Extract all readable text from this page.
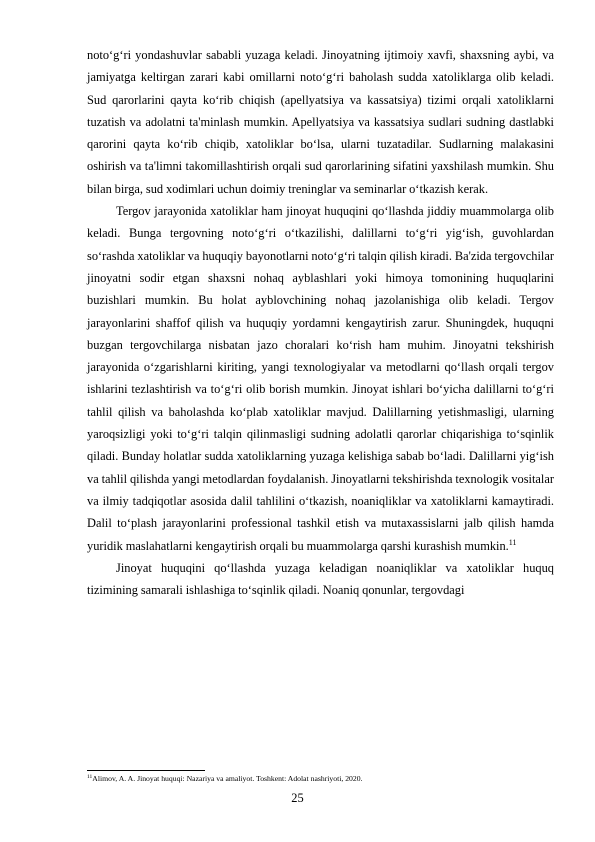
noto‘g‘ri yondashuvlar sababli yuzaga keladi. Jinoyatning ijtimoiy xavfi, shaxsning aybi, va jamiyatga keltirgan zarari kabi omillarni noto‘g‘ri baholash sudda xatoliklarga olib keladi. Sud qarorlarini qayta ko‘rib chiqish (apellyatsiya va kassatsiya) tizimi orqali xatoliklarni tuzatish va adolatni ta'minlash mumkin. Apellyatsiya va kassatsiya sudlari sudning dastlabki qarorini qayta ko‘rib chiqib, xatoliklar bo‘lsa, ularni tuzatadilar. Sudlarning malakasini oshirish va ta'limni takomillashtirish orqali sud qarorlarining sifatini yaxshilash mumkin. Shu bilan birga, sud xodimlari uchun doimiy treninglar va seminarlar o‘tkazish kerak.

Tergov jarayonida xatoliklar ham jinoyat huquqini qo‘llashda jiddiy muammolarga olib keladi. Bunga tergovning noto‘g‘ri o‘tkazilishi, dalillarni to‘g‘ri yig‘ish, guvohlardan so‘rashda xatoliklar va huquqiy bayonotlarni noto‘g‘ri talqin qilish kiradi. Ba'zida tergovchilar jinoyatni sodir etgan shaxsni nohaq ayblashlari yoki himoya tomonining huquqlarini buzishlari mumkin. Bu holat ayblovchining nohaq jazolanishiga olib keladi. Tergov jarayonlarini shaffof qilish va huquqiy yordamni kengaytirish zarur. Shuningdek, huquqni buzgan tergovchilarga nisbatan jazo choralari ko‘rish ham muhim. Jinoyatni tekshirish jarayonida o‘zgarishlarni kiriting, yangi texnologiyalar va metodlarni qo‘llash orqali tergov ishlarini tezlashtirish va to‘g‘ri olib borish mumkin. Jinoyat ishlari bo‘yicha dalillarni to‘g‘ri tahlil qilish va baholashda ko‘plab xatoliklar mavjud. Dalillarning yetishmasligi, ularning yaroqsizligi yoki to‘g‘ri talqin qilinmasligi sudning adolatli qarorlar chiqarishiga to‘sqinlik qiladi. Bunday holatlar sudda xatoliklarning yuzaga kelishiga sabab bo‘ladi. Dalillarni yig‘ish va tahlil qilishda yangi metodlardan foydalanish. Jinoyatlarni tekshirishda texnologik vositalar va ilmiy tadqiqotlar asosida dalil tahlilini o‘tkazish, noaniqliklar va xatoliklarni kamaytiradi. Dalil to‘plash jarayonlarini professional tashkil etish va mutaxassislarni jalb qilish hamda yuridik maslahatlarni kengaytirish orqali bu muammolarga qarshi kurashish mumkin.$^{11}$

Jinoyat huquqini qo‘llashda yuzaga keladigan noaniqliklar va xatoliklar huquq tizimining samarali ishlashiga to‘sqinlik qiladi. Noaniq qonunlar, tergovdagi

$^{11}$Alimov, A. A. Jinoyat huquqi: Nazariya va amaliyot. Toshkent: Adolat nashriyoti, 2020.
25
